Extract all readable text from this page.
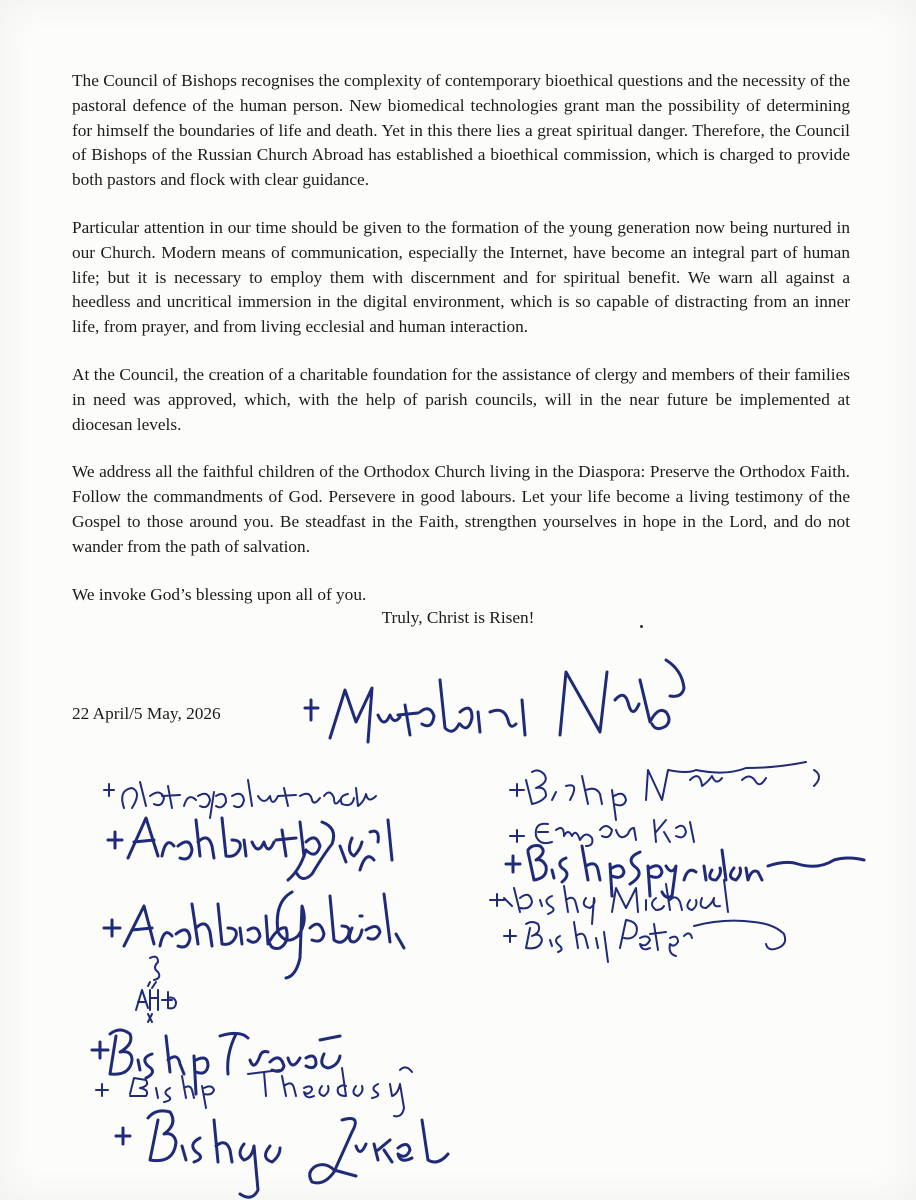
The Council of Bishops recognises the complexity of contemporary bioethical questions and the necessity of the pastoral defence of the human person. New biomedical technologies grant man the possibility of determining for himself the boundaries of life and death. Yet in this there lies a great spiritual danger. Therefore, the Council of Bishops of the Russian Church Abroad has established a bioethical commission, which is charged to provide both pastors and flock with clear guidance.

Particular attention in our time should be given to the formation of the young generation now being nurtured in our Church. Modern means of communication, especially the Internet, have become an integral part of human life; but it is necessary to employ them with discernment and for spiritual benefit. We warn all against a heedless and uncritical immersion in the digital environment, which is so capable of distracting from an inner life, from prayer, and from living ecclesial and human interaction.

At the Council, the creation of a charitable foundation for the assistance of clergy and members of their families in need was approved, which, with the help of parish councils, will in the near future be implemented at diocesan levels.

We address all the faithful children of the Orthodox Church living in the Diaspora: Preserve the Orthodox Faith. Follow the commandments of God. Persevere in good labours. Let your life become a living testimony of the Gospel to those around you. Be steadfast in the Faith, strengthen yourselves in hope in the Lord, and do not wander from the path of salvation.

We invoke God’s blessing upon all of you.

Truly, Christ is Risen!
22 April/5 May, 2026
